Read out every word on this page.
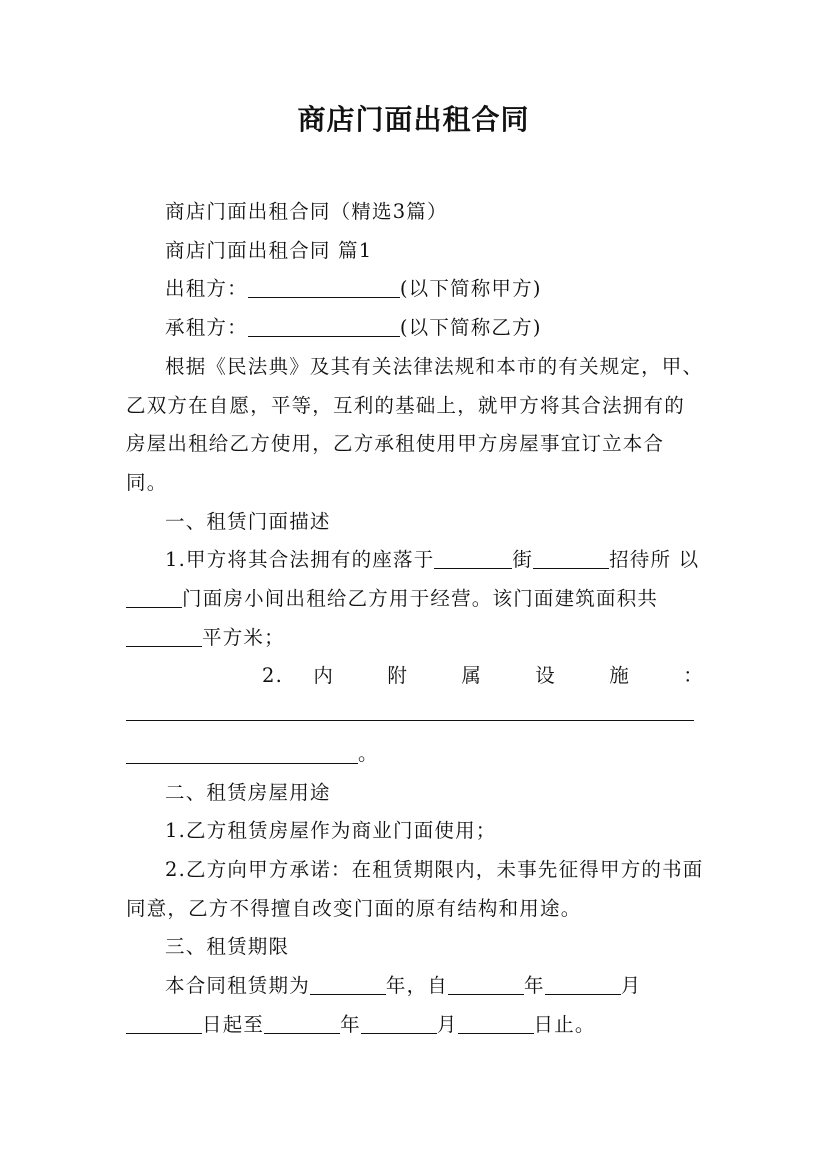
商店门面出租合同

商店门面出租合同（精选3篇）

商店门面出租合同 篇1

出租方：	(以下简称甲方)

承租方：	(以下简称乙方)

根据《民法典》及其有关法律法规和本市的有关规定，甲、乙双方在自愿，平等，互利的基础上，就甲方将其合法拥有的房屋出租给乙方使用，乙方承租使用甲方房屋事宜订立本合同。

一、租赁门面描述

1.甲方将其合法拥有的座落于	街	招待所 以门面房小间出租给乙方用于经营。该门面建筑面积共平方米；

2. 内 附 属 设 施 ：

。

二、租赁房屋用途

1.乙方租赁房屋作为商业门面使用；

2.乙方向甲方承诺：在租赁期限内，未事先征得甲方的书面同意，乙方不得擅自改变门面的原有结构和用途。

三、租赁期限

本合同租赁期为	年，自	年	月日起至	年	月	日止。
